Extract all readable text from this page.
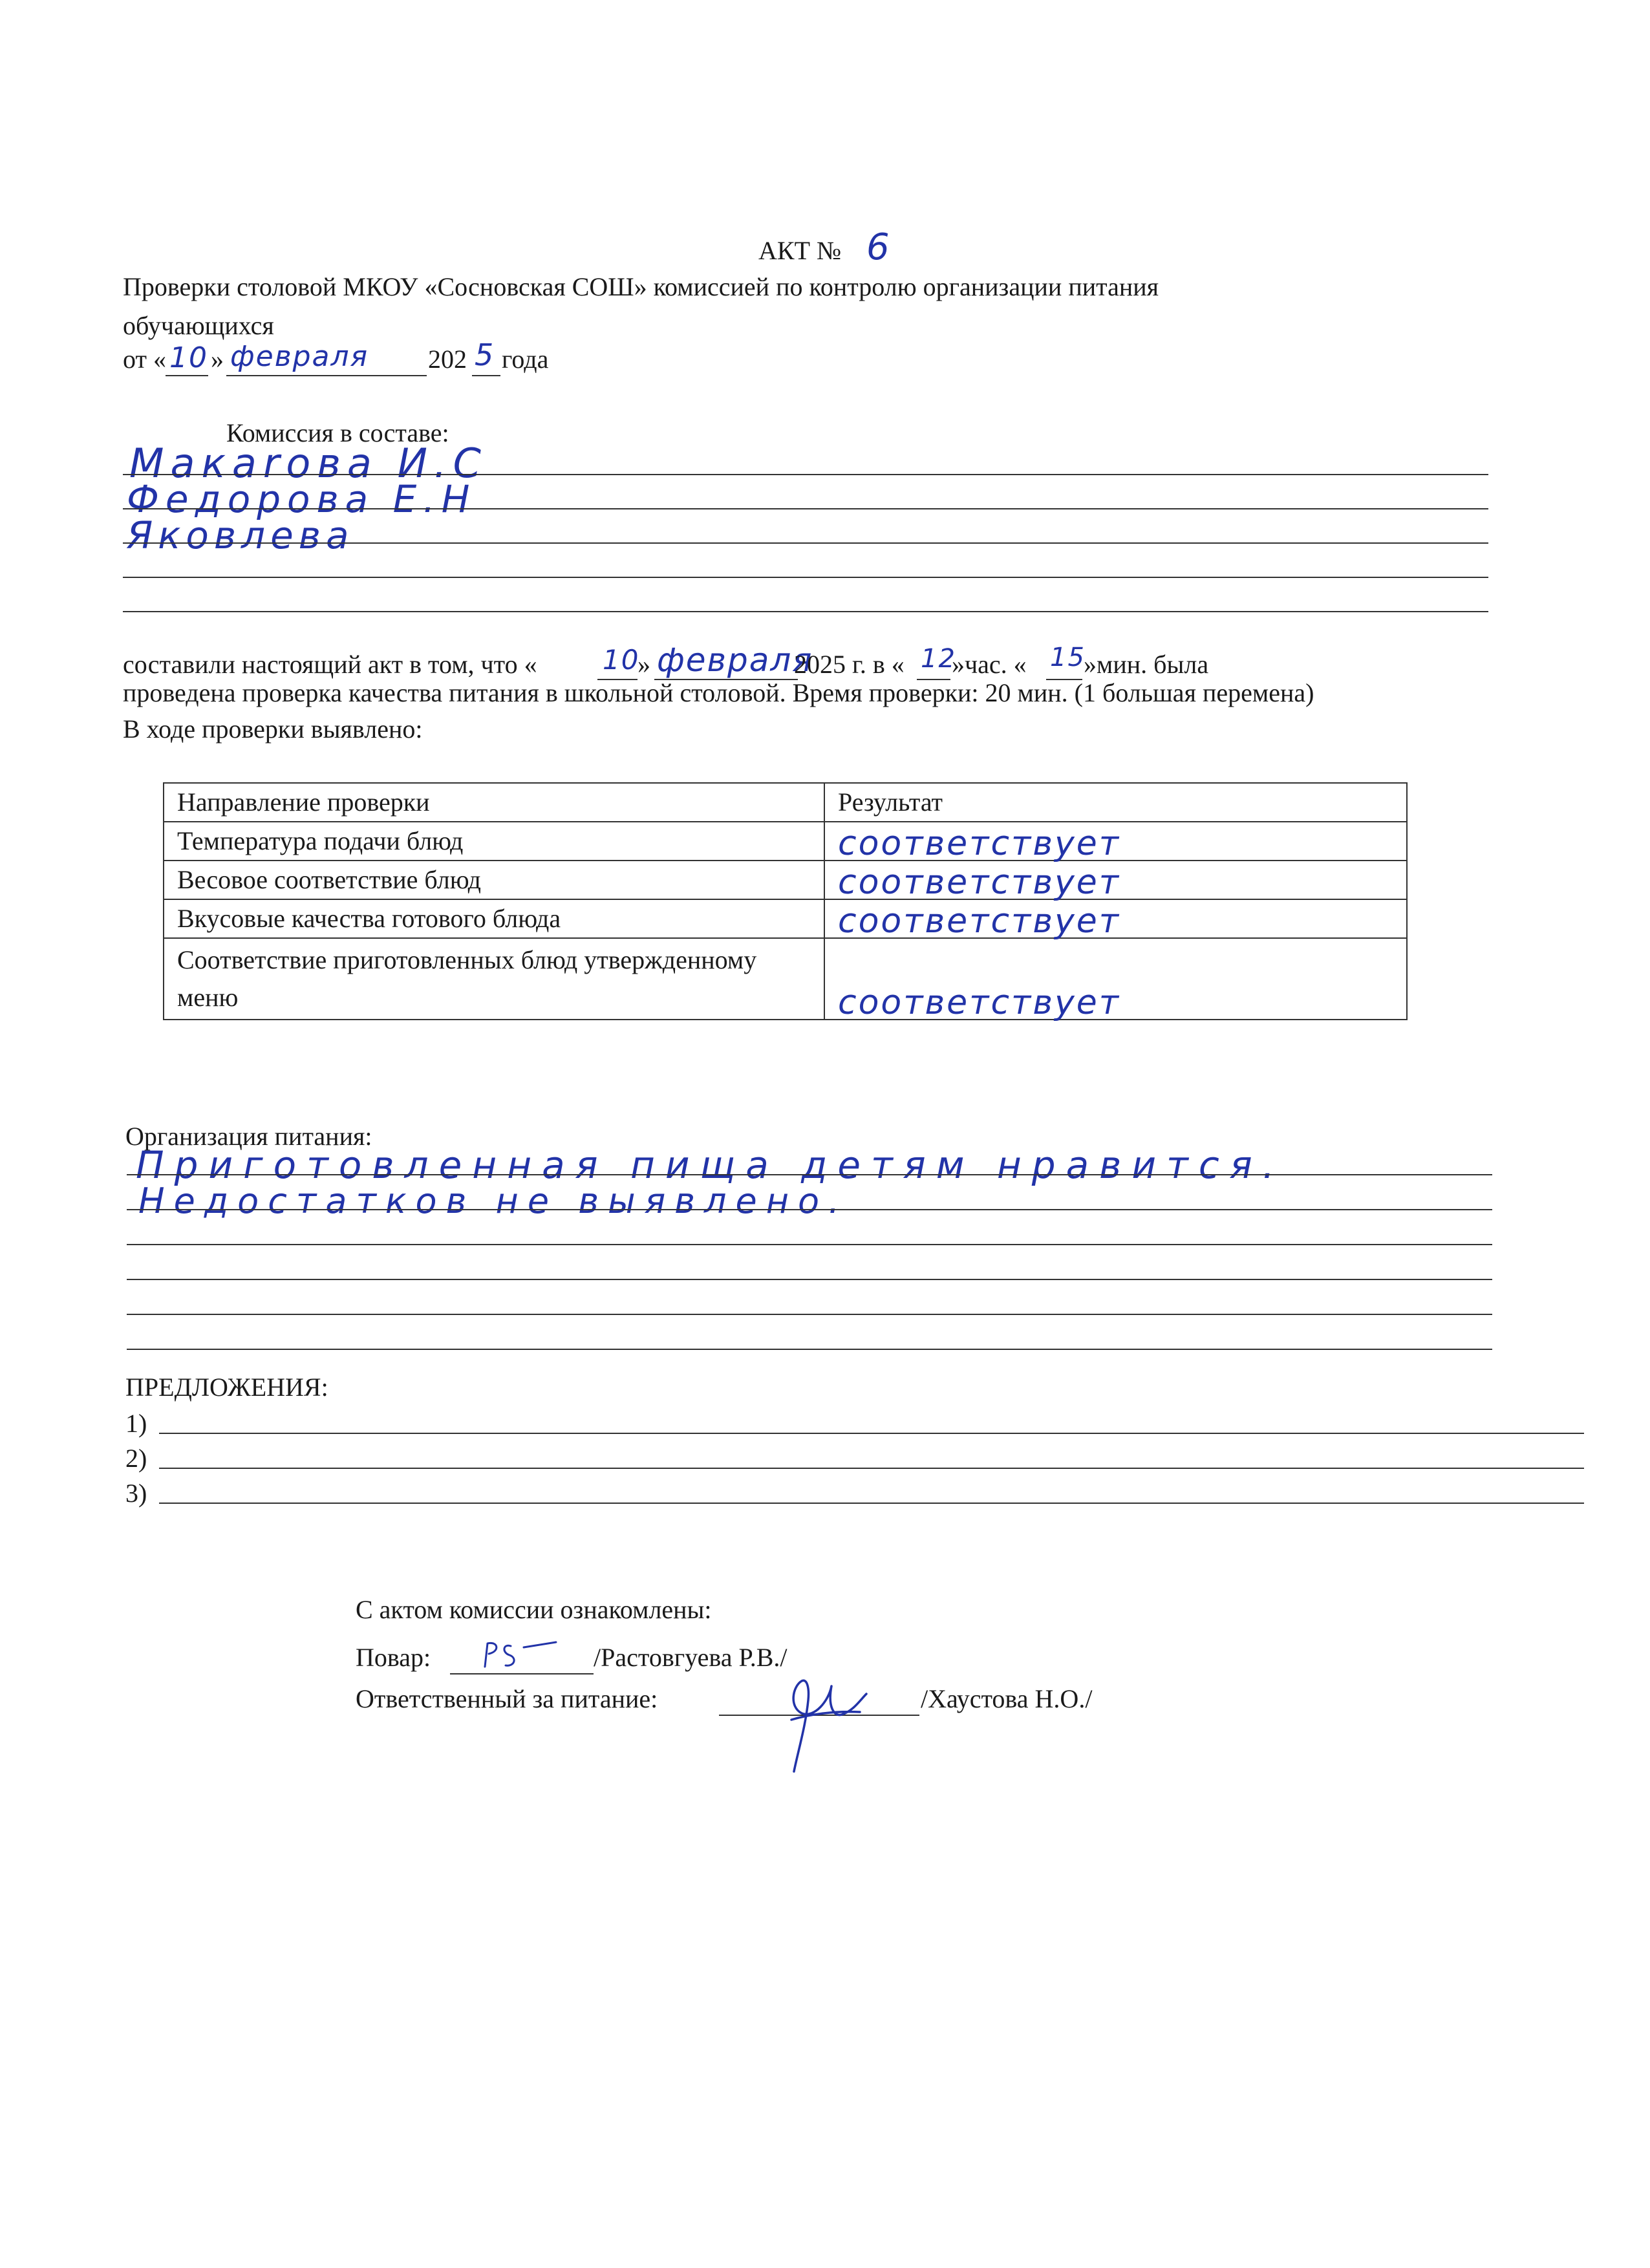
АКТ № 6
Проверки столовой МКОУ «Сосновская СОШ» комиссией по контролю организации питания
обучающихся
от « 10 » февраля 202 5 года
Комиссия в составе:
Макаrова И.С
Федорова Е.Н
Яковлева
составили настоящий акт в том, что « 10
» февраля
2025 г. в « 12
»час. « 15
»мин. была
проведена проверка качества питания в школьной столовой. Время проверки: 20 мин. (1 большая перемена)
В ходе проверки выявлено:
Направление проверки	Результат
Температура подачи блюд	соответствует
Весовое соответствие блюд	соответствует
Вкусовые качества готового блюда	соответствует
Соответствие приготовленных блюд утвержденному меню	соответствует
Организация питания:
Приготовленная пища детям нравится.
Недостатков не выявлено.
ПРЕДЛОЖЕНИЯ:
1)
2)
3)
С актом комиссии ознакомлены:
Повар:	/Растовгуева Р.В./
Ответственный за питание:	/Хаустова Н.О./
